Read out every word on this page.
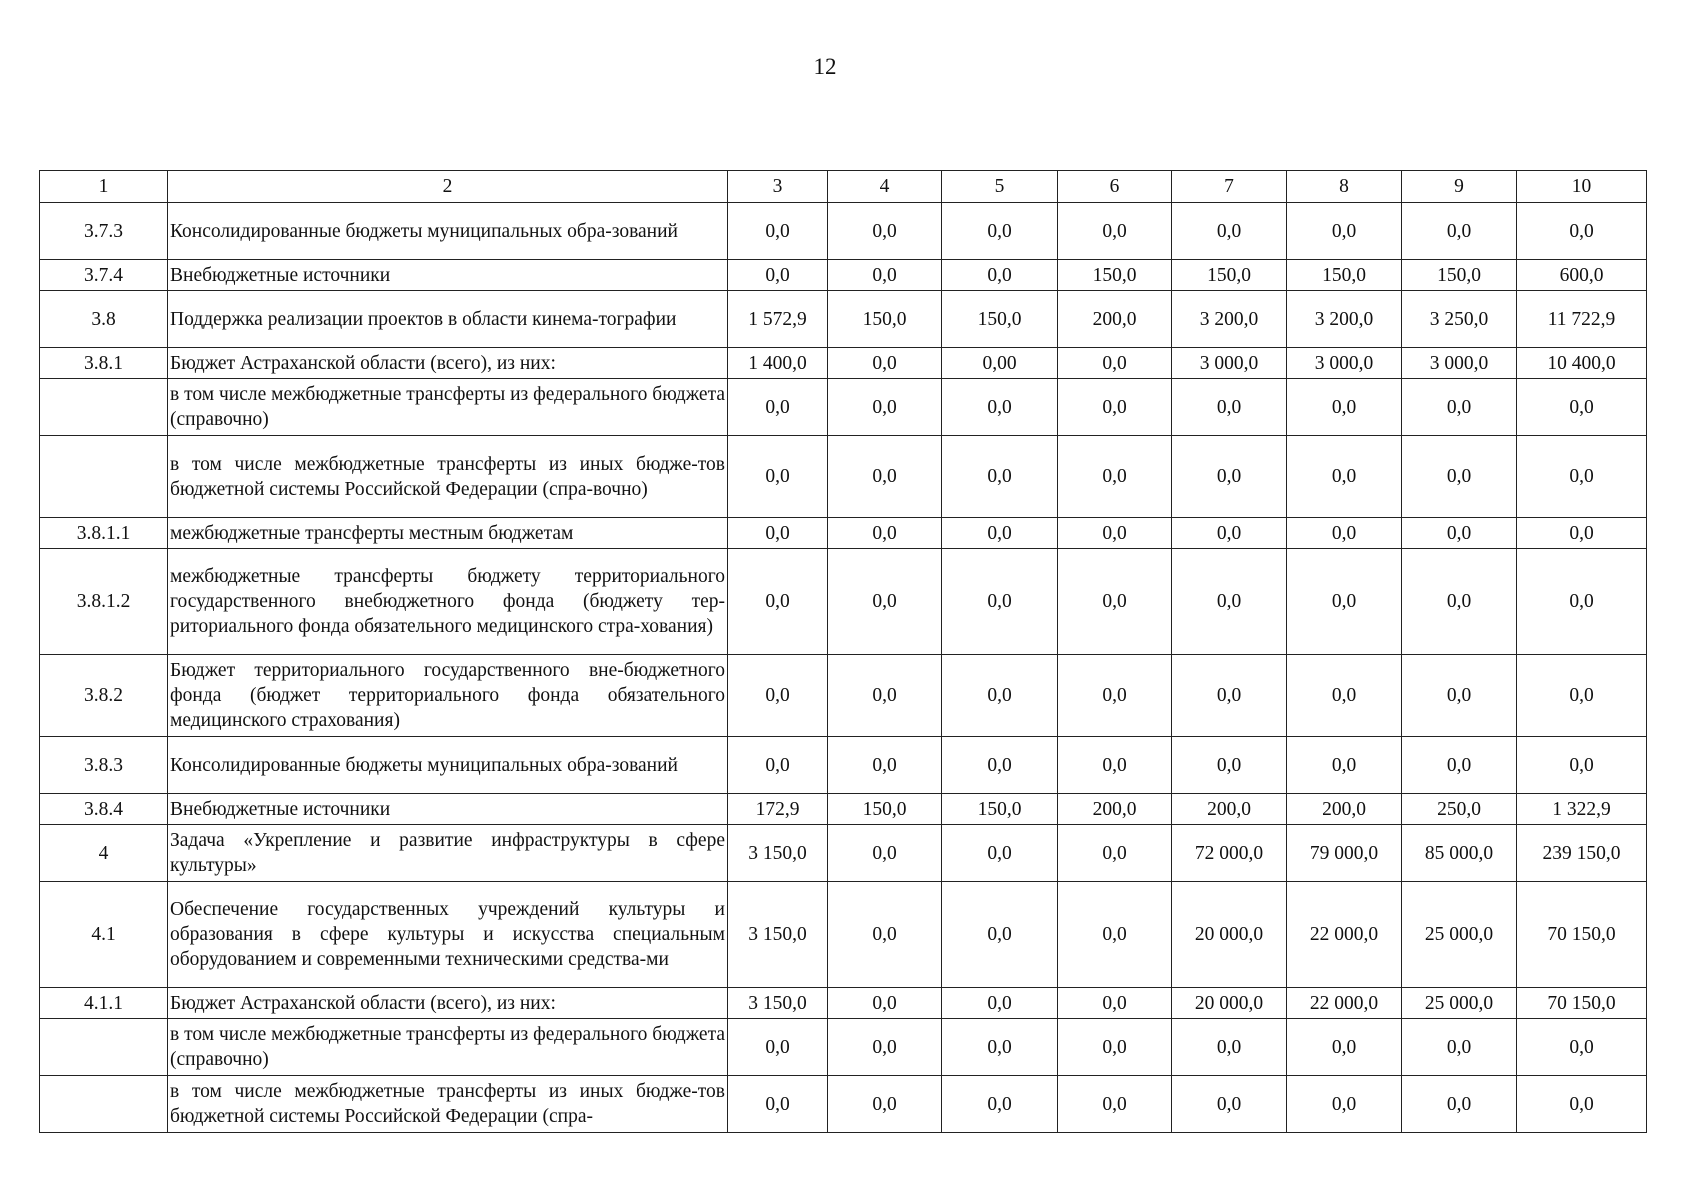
12
1	2	3	4	5	6	7	8	9	10
3.7.3	Консолидированные бюджеты муниципальных обра-зований	0,0	0,0	0,0	0,0	0,0	0,0	0,0	0,0
3.7.4	Внебюджетные источники	0,0	0,0	0,0	150,0	150,0	150,0	150,0	600,0
3.8	Поддержка реализации проектов в области кинема-тографии	1 572,9	150,0	150,0	200,0	3 200,0	3 200,0	3 250,0	11 722,9
3.8.1	Бюджет Астраханской области (всего), из них:	1 400,0	0,0	0,00	0,0	3 000,0	3 000,0	3 000,0	10 400,0
	в том числе межбюджетные трансферты из федерального бюджета (справочно)	0,0	0,0	0,0	0,0	0,0	0,0	0,0	0,0
	в том числе межбюджетные трансферты из иных бюдже-тов бюджетной системы Российской Федерации (спра-вочно)	0,0	0,0	0,0	0,0	0,0	0,0	0,0	0,0
3.8.1.1	межбюджетные трансферты местным бюджетам	0,0	0,0	0,0	0,0	0,0	0,0	0,0	0,0
3.8.1.2	межбюджетные трансферты бюджету территориального государственного внебюджетного фонда (бюджету тер-риториального фонда обязательного медицинского стра-хования)	0,0	0,0	0,0	0,0	0,0	0,0	0,0	0,0
3.8.2	Бюджет территориального государственного вне-бюджетного фонда (бюджет территориального фонда обязательного медицинского страхования)	0,0	0,0	0,0	0,0	0,0	0,0	0,0	0,0
3.8.3	Консолидированные бюджеты муниципальных обра-зований	0,0	0,0	0,0	0,0	0,0	0,0	0,0	0,0
3.8.4	Внебюджетные источники	172,9	150,0	150,0	200,0	200,0	200,0	250,0	1 322,9
4	Задача «Укрепление и развитие инфраструктуры в сфере культуры»	3 150,0	0,0	0,0	0,0	72 000,0	79 000,0	85 000,0	239 150,0
4.1	Обеспечение государственных учреждений культуры и образования в сфере культуры и искусства специальным оборудованием и современными техническими средства-ми	3 150,0	0,0	0,0	0,0	20 000,0	22 000,0	25 000,0	70 150,0
4.1.1	Бюджет Астраханской области (всего), из них:	3 150,0	0,0	0,0	0,0	20 000,0	22 000,0	25 000,0	70 150,0
	в том числе межбюджетные трансферты из федерального бюджета (справочно)	0,0	0,0	0,0	0,0	0,0	0,0	0,0	0,0
	в том числе межбюджетные трансферты из иных бюдже-тов бюджетной системы Российской Федерации (спра-	0,0	0,0	0,0	0,0	0,0	0,0	0,0	0,0
